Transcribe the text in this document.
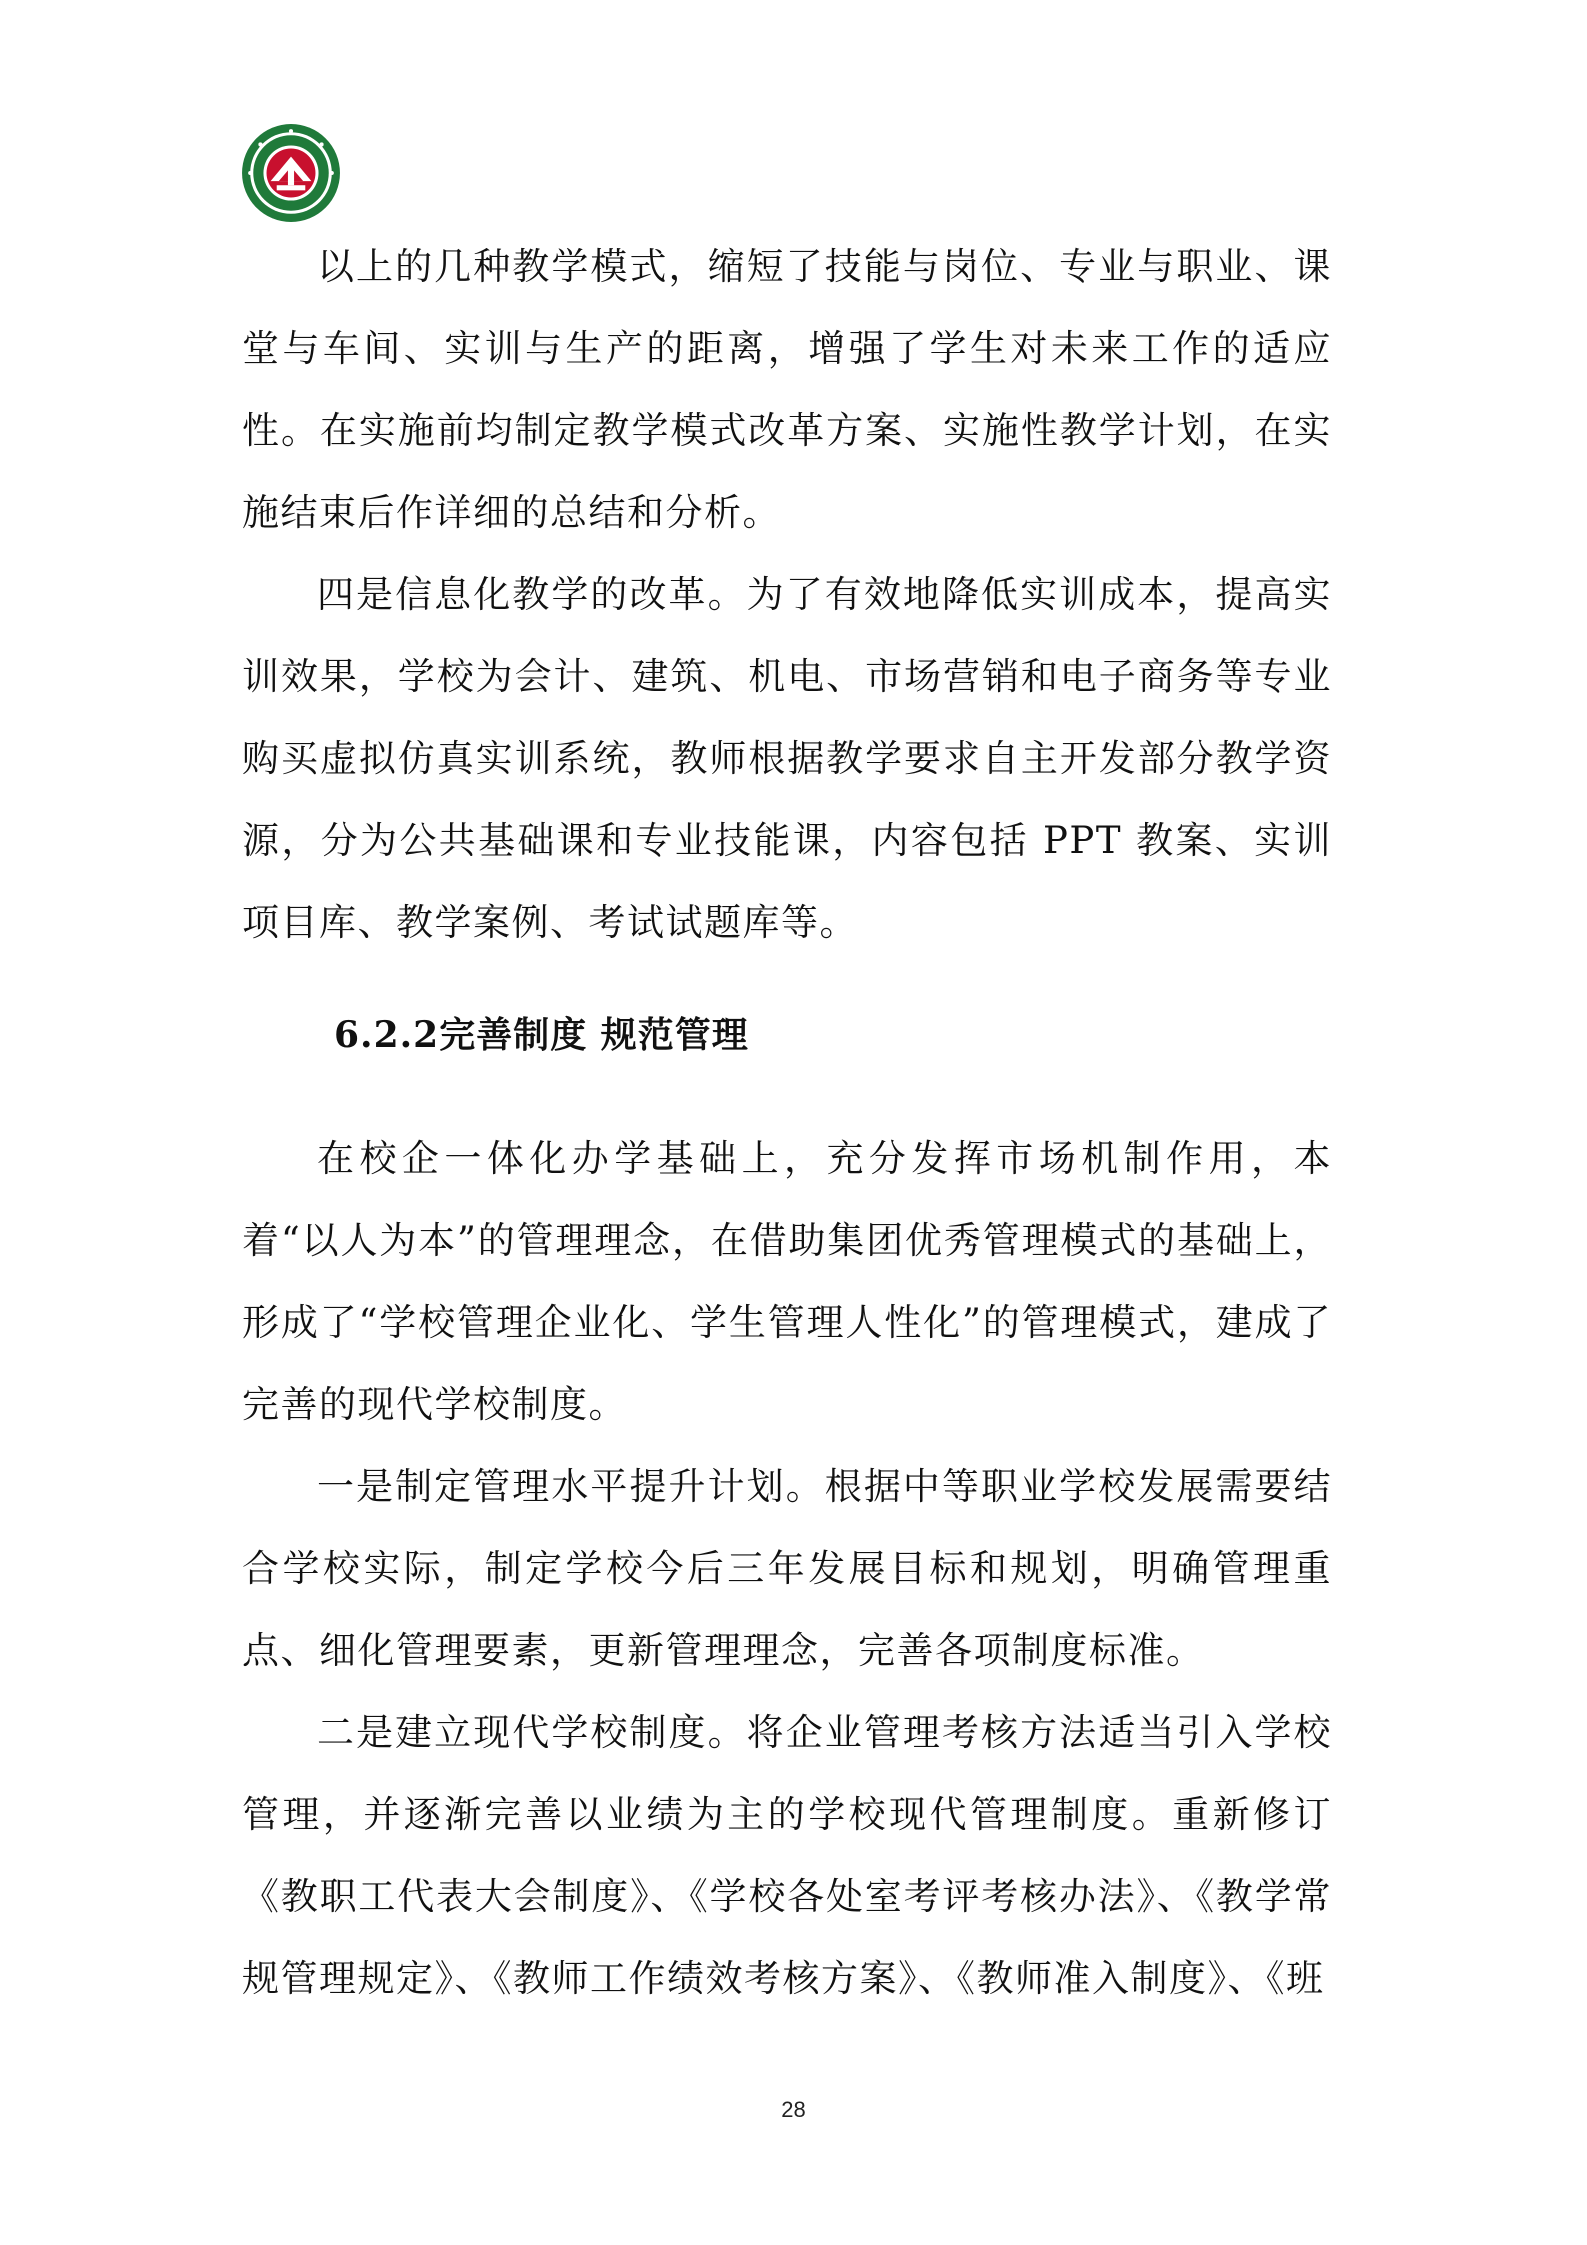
以上的几种教学模式，缩短了技能与岗位、专业与职业、课堂与车间、实训与生产的距离，增强了学生对未来工作的适应性。在实施前均制定教学模式改革方案、实施性教学计划，在实施结束后作详细的总结和分析。

四是信息化教学的改革。为了有效地降低实训成本，提高实训效果，学校为会计、建筑、机电、市场营销和电子商务等专业购买虚拟仿真实训系统，教师根据教学要求自主开发部分教学资源，分为公共基础课和专业技能课，内容包括 PPT 教案、实训项目库、教学案例、考试试题库等。

6.2.2完善制度 规范管理

在校企一体化办学基础上，充分发挥市场机制作用，本着“以人为本”的管理理念，在借助集团优秀管理模式的基础上，形成了“学校管理企业化、学生管理人性化”的管理模式，建成了完善的现代学校制度。

一是制定管理水平提升计划。根据中等职业学校发展需要结合学校实际，制定学校今后三年发展目标和规划，明确管理重点、细化管理要素，更新管理理念，完善各项制度标准。

二是建立现代学校制度。将企业管理考核方法适当引入学校管理，并逐渐完善以业绩为主的学校现代管理制度。重新修订《教职工代表大会制度》、《学校各处室考评考核办法》、《教学常规管理规定》、《教师工作绩效考核方案》、《教师准入制度》、《班

28
